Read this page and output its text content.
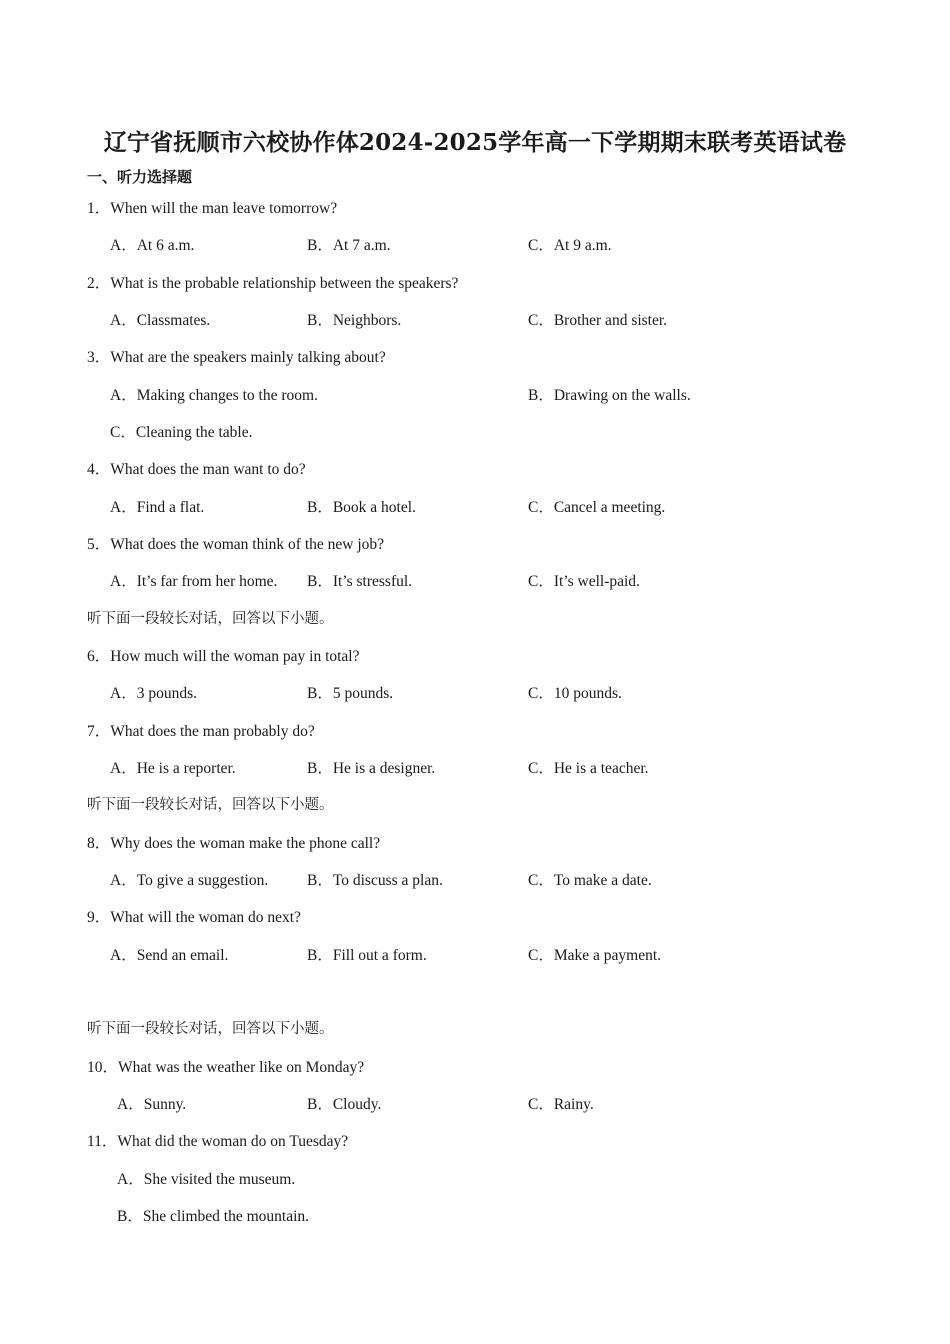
辽宁省抚顺市六校协作体2024-2025学年高一下学期期末联考英语试卷
一、听力选择题
1．When will the man leave tomorrow?
A．At 6 a.m.	B．At 7 a.m.	C．At 9 a.m.
2．What is the probable relationship between the speakers?
A．Classmates.	B．Neighbors.	C．Brother and sister.
3．What are the speakers mainly talking about?
A．Making changes to the room.	B．Drawing on the walls.
C．Cleaning the table.
4．What does the man want to do?
A．Find a flat.	B．Book a hotel.	C．Cancel a meeting.
5．What does the woman think of the new job?
A．It’s far from her home. B．It’s stressful.	C．It’s well-paid.
听下面一段较长对话，回答以下小题。
6．How much will the woman pay in total?
A．3 pounds.	B．5 pounds.	C．10 pounds.
7．What does the man probably do?
A．He is a reporter.	B．He is a designer.	C．He is a teacher.
听下面一段较长对话，回答以下小题。
8．Why does the woman make the phone call?
A．To give a suggestion.	B．To discuss a plan.	C．To make a date.
9．What will the woman do next?
A．Send an email.	B．Fill out a form.	C．Make a payment.
听下面一段较长对话，回答以下小题。
10．What was the weather like on Monday?
A．Sunny.	B．Cloudy.	C．Rainy.
11．What did the woman do on Tuesday?
A．She visited the museum.
B．She climbed the mountain.
